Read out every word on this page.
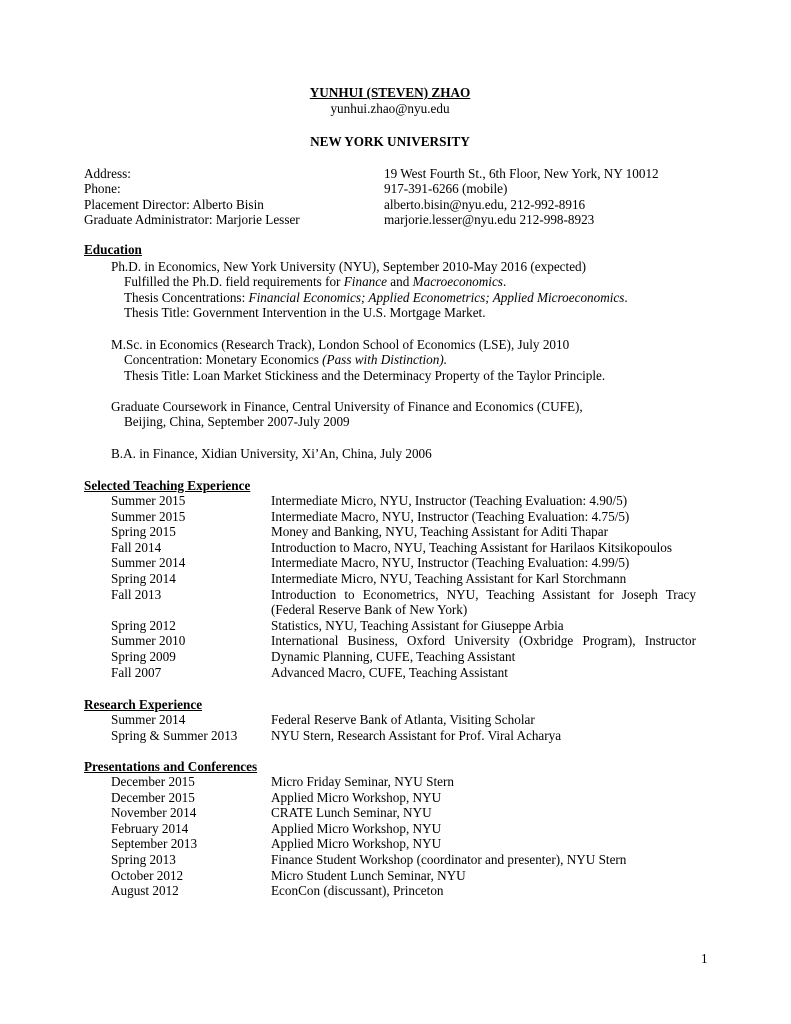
YUNHUI (STEVEN) ZHAO
yunhui.zhao@nyu.edu
NEW YORK UNIVERSITY
Address:	19 West Fourth St., 6th Floor, New York, NY 10012
Phone:	917-391-6266 (mobile)
Placement Director: Alberto Bisin	alberto.bisin@nyu.edu, 212-992-8916
Graduate Administrator: Marjorie Lesser	marjorie.lesser@nyu.edu 212-998-8923
Education
Ph.D. in Economics, New York University (NYU), September 2010-May 2016 (expected)
Fulfilled the Ph.D. field requirements for Finance and Macroeconomics.
Thesis Concentrations: Financial Economics; Applied Econometrics; Applied Microeconomics.
Thesis Title: Government Intervention in the U.S. Mortgage Market.
M.Sc. in Economics (Research Track), London School of Economics (LSE), July 2010
Concentration: Monetary Economics (Pass with Distinction).
Thesis Title: Loan Market Stickiness and the Determinacy Property of the Taylor Principle.
Graduate Coursework in Finance, Central University of Finance and Economics (CUFE),
Beijing, China, September 2007-July 2009
B.A. in Finance, Xidian University, Xi’An, China, July 2006
Selected Teaching Experience
Summer 2015	Intermediate Micro, NYU, Instructor (Teaching Evaluation: 4.90/5)
Summer 2015	Intermediate Macro, NYU, Instructor (Teaching Evaluation: 4.75/5)
Spring 2015	Money and Banking, NYU, Teaching Assistant for Aditi Thapar
Fall 2014	Introduction to Macro, NYU, Teaching Assistant for Harilaos Kitsikopoulos
Summer 2014	Intermediate Macro, NYU, Instructor (Teaching Evaluation: 4.99/5)
Spring 2014	Intermediate Micro, NYU, Teaching Assistant for Karl Storchmann
Fall 2013	Introduction to Econometrics, NYU, Teaching Assistant for Joseph Tracy
(Federal Reserve Bank of New York)
Spring 2012	Statistics, NYU, Teaching Assistant for Giuseppe Arbia
Summer 2010	International Business, Oxford University (Oxbridge Program), Instructor
Spring 2009	Dynamic Planning, CUFE, Teaching Assistant
Fall 2007	Advanced Macro, CUFE, Teaching Assistant
Research Experience
Summer 2014	Federal Reserve Bank of Atlanta, Visiting Scholar
Spring & Summer 2013	NYU Stern, Research Assistant for Prof. Viral Acharya
Presentations and Conferences
December 2015	Micro Friday Seminar, NYU Stern
December 2015	Applied Micro Workshop, NYU
November 2014	CRATE Lunch Seminar, NYU
February 2014	Applied Micro Workshop, NYU
September 2013	Applied Micro Workshop, NYU
Spring 2013	Finance Student Workshop (coordinator and presenter), NYU Stern
October 2012	Micro Student Lunch Seminar, NYU
August 2012	EconCon (discussant), Princeton
1
